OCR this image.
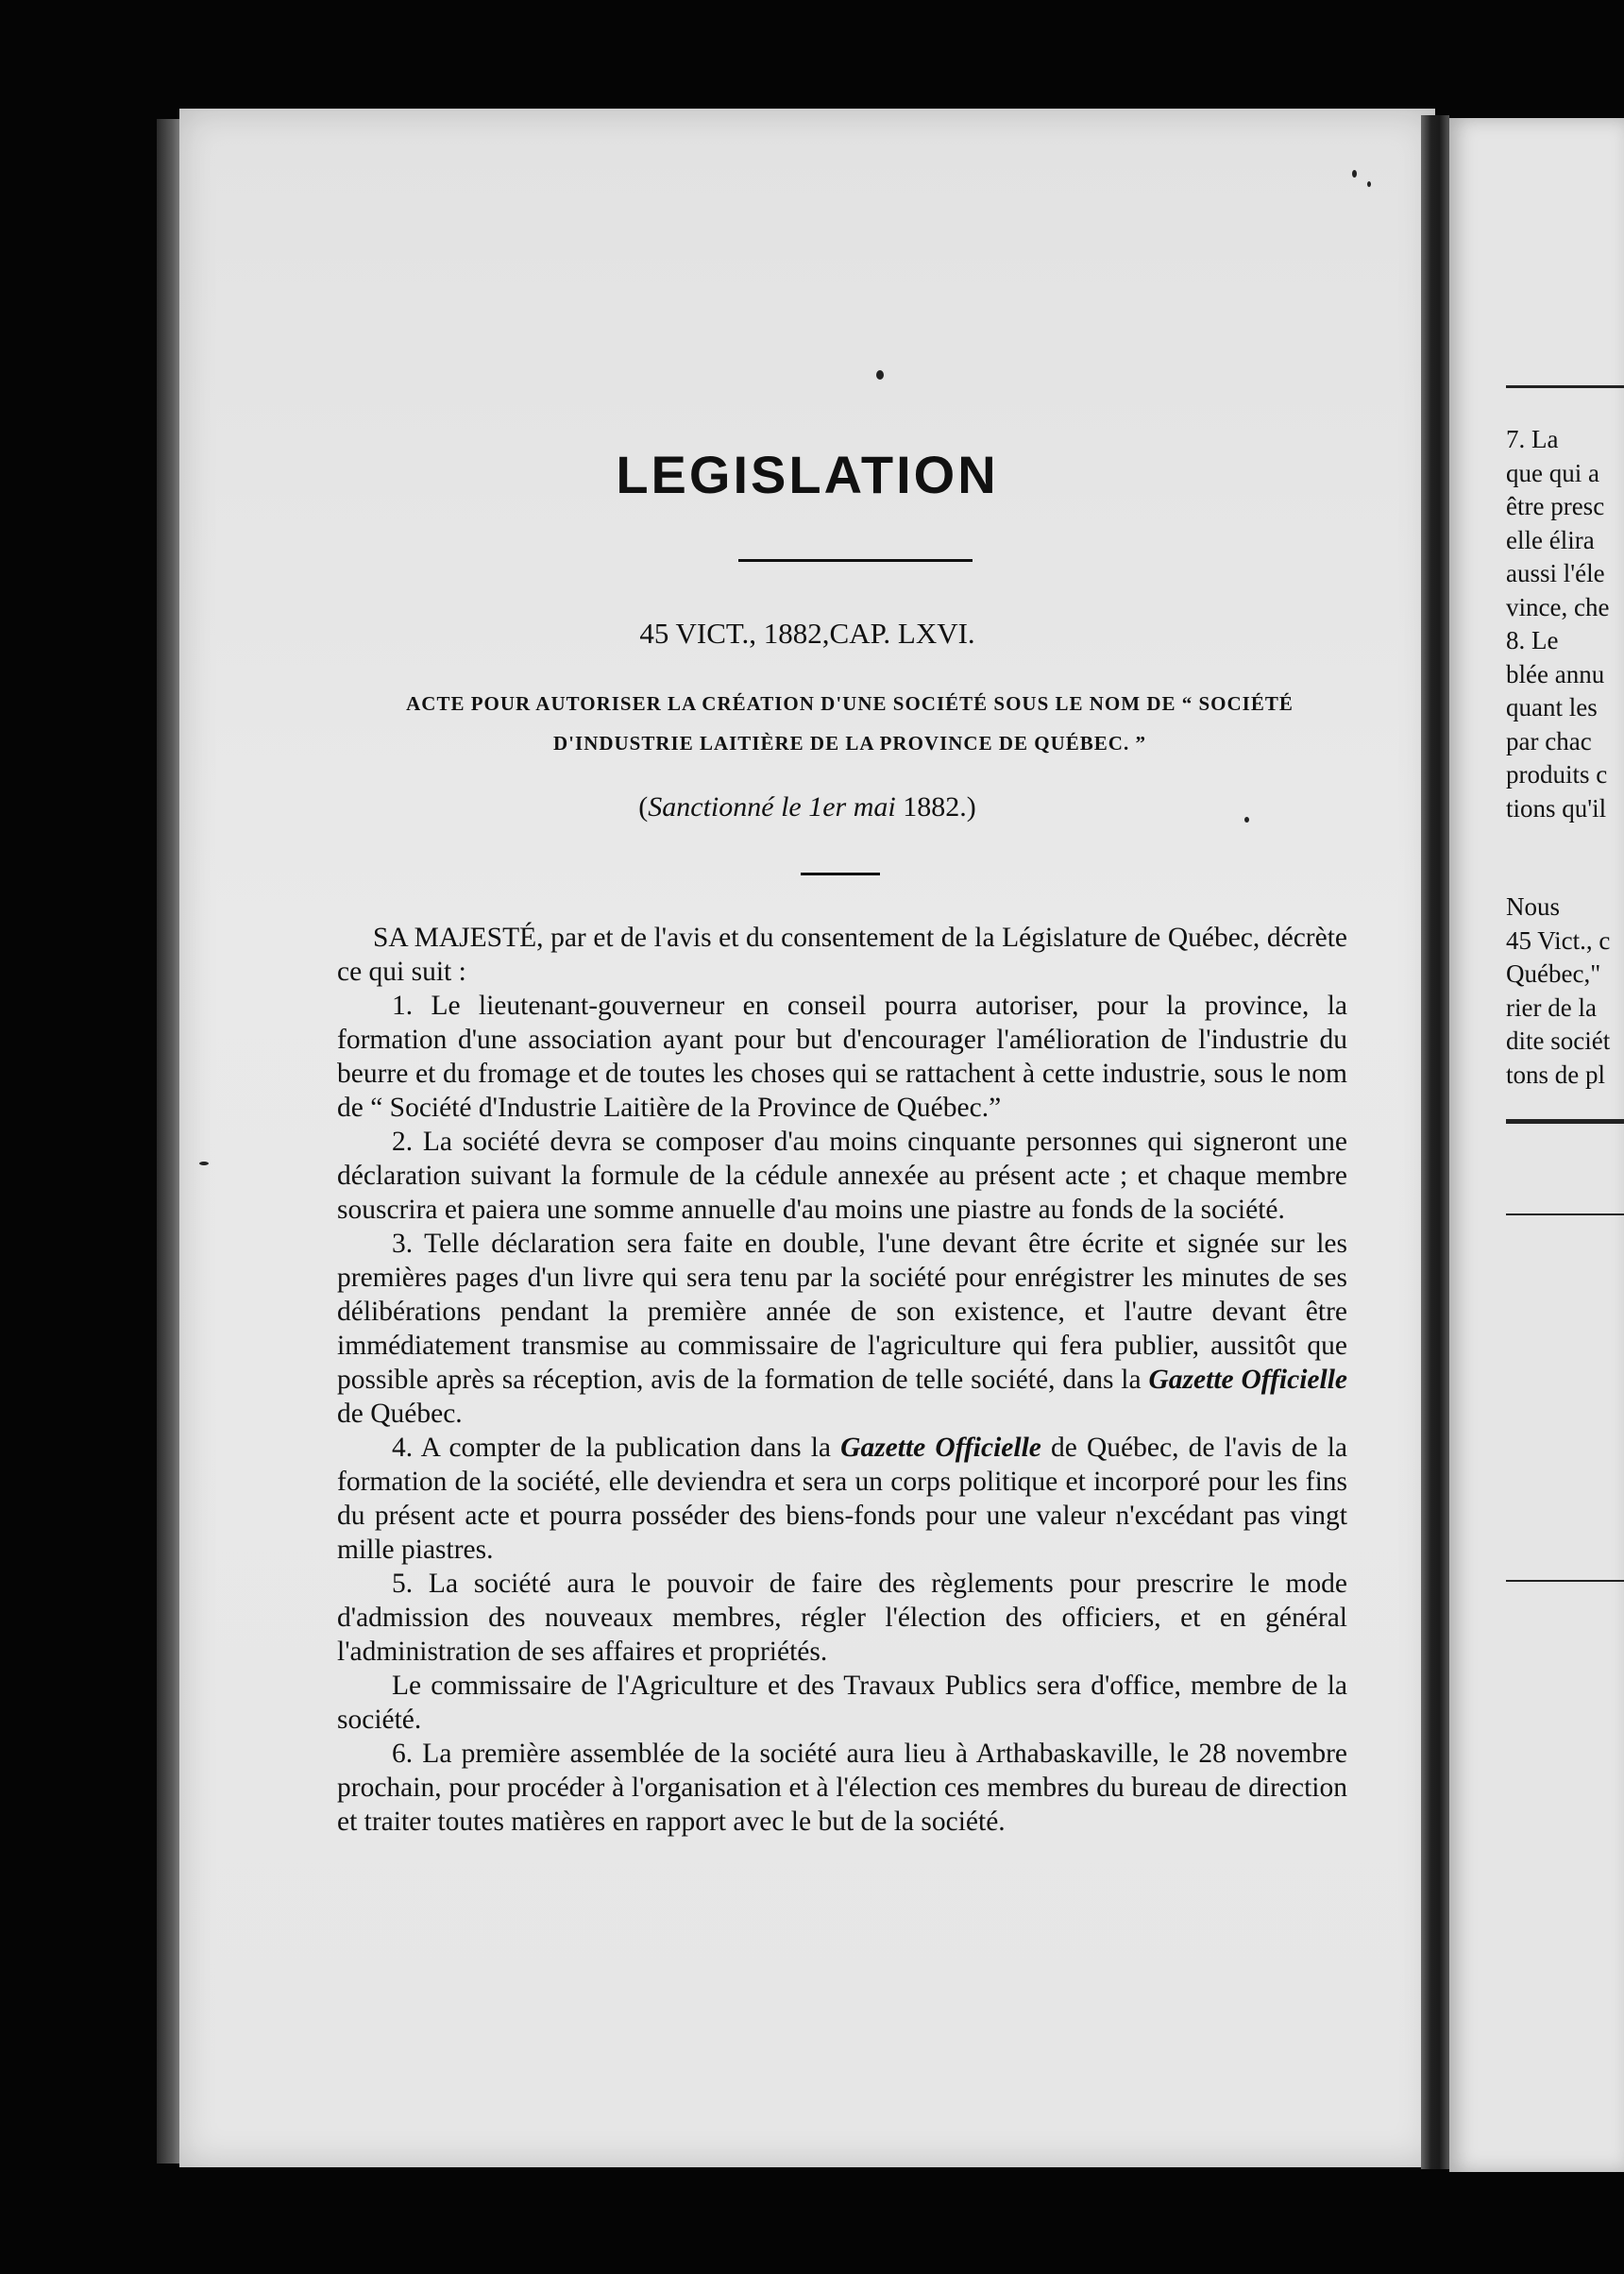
7. La
que qui a
être presc
elle élira
aussi l'éle
vince, che
8. Le
blée annu
quant les
par chac
produits c
tions qu'il
Nous
45 Vict., c
Québec,"
rier de la
dite sociét
tons de pl
LEGISLATION
45 VICT., 1882,CAP. LXVI.
ACTE POUR AUTORISER LA CRÉATION D'UNE SOCIÉTÉ SOUS LE NOM DE “ SOCIÉTÉ
D'INDUSTRIE LAITIÈRE DE LA PROVINCE DE QUÉBEC. ”
(Sanctionné le 1er mai 1882.)

SA MAJESTÉ, par et de l'avis et du consentement de la Législature de Québec, décrète ce qui suit :

1. Le lieutenant-gouverneur en conseil pourra autoriser, pour la province, la formation d'une association ayant pour but d'encourager l'amélioration de l'industrie du beurre et du fromage et de toutes les choses qui se rattachent à cette industrie, sous le nom de “ Société d'Industrie Laitière de la Province de Québec.”

2. La société devra se composer d'au moins cinquante personnes qui signeront une déclaration suivant la formule de la cédule annexée au présent acte ; et chaque membre souscrira et paiera une somme annuelle d'au moins une piastre au fonds de la société.

3. Telle déclaration sera faite en double, l'une devant être écrite et signée sur les premières pages d'un livre qui sera tenu par la société pour enrégistrer les minutes de ses délibérations pendant la première année de son existence, et l'autre devant être immédiatement transmise au commissaire de l'agriculture qui fera publier, aussitôt que possible après sa réception, avis de la formation de telle société, dans la Gazette Officielle de Québec.

4. A compter de la publication dans la Gazette Officielle de Québec, de l'avis de la formation de la société, elle deviendra et sera un corps politique et incorporé pour les fins du présent acte et pourra posséder des biens-fonds pour une valeur n'excédant pas vingt mille piastres.

5. La société aura le pouvoir de faire des règlements pour prescrire le mode d'admission des nouveaux membres, régler l'élection des officiers, et en général l'administration de ses affaires et propriétés.

Le commissaire de l'Agriculture et des Travaux Publics sera d'office, membre de la société.

6. La première assemblée de la société aura lieu à Arthabaskaville, le 28 novembre prochain, pour procéder à l'organisation et à l'élection ces membres du bureau de direction et traiter toutes matières en rapport avec le but de la société.
